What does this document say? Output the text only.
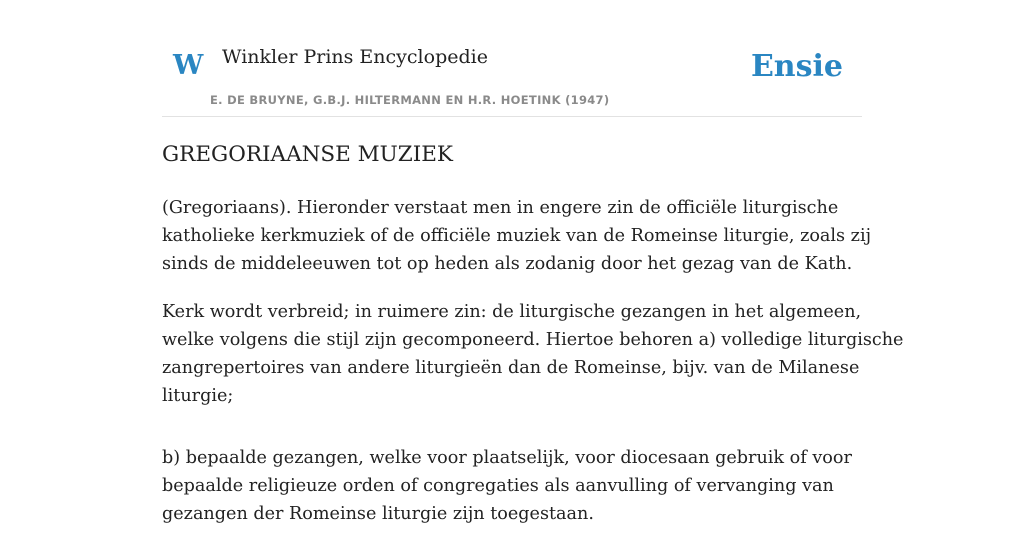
W Winkler Prins Encyclopedie
E. DE BRUYNE, G.B.J. HILTERMANN EN H.R. HOETINK (1947)
Ensie
GREGORIAANSE MUZIEK

(Gregoriaans). Hieronder verstaat men in engere zin de officiële liturgische
katholieke kerkmuziek of de officiële muziek van de Romeinse liturgie, zoals zij
sinds de middeleeuwen tot op heden als zodanig door het gezag van de Kath.

Kerk wordt verbreid; in ruimere zin: de liturgische gezangen in het algemeen,
welke volgens die stijl zijn gecomponeerd. Hiertoe behoren a) volledige liturgische
zangrepertoires van andere liturgieën dan de Romeinse, bijv. van de Milanese
liturgie;

b) bepaalde gezangen, welke voor plaatselijk, voor diocesaan gebruik of voor
bepaalde religieuze orden of congregaties als aanvulling of vervanging van
gezangen der Romeinse liturgie zijn toegestaan.
